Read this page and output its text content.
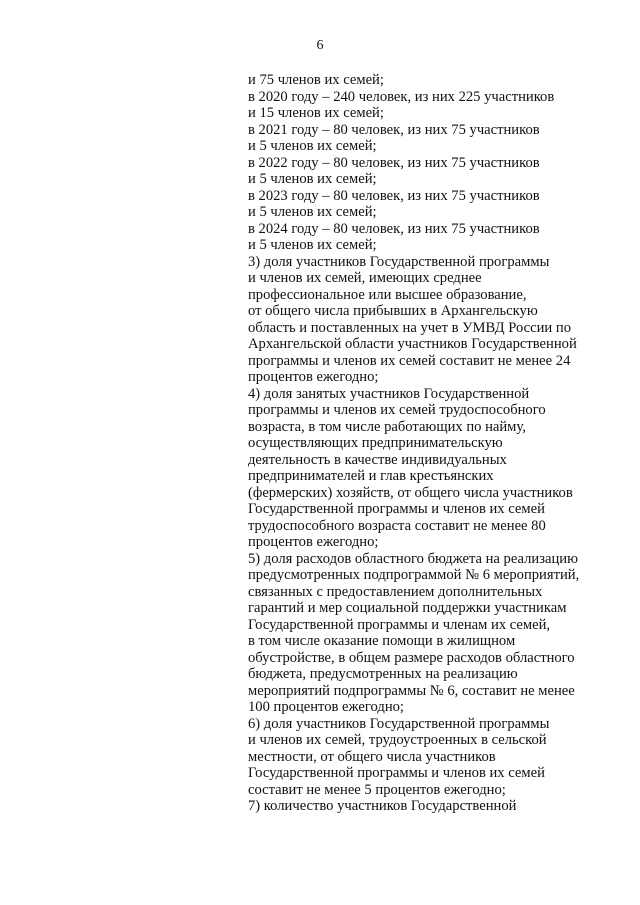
6
и 75 членов их семей;
в 2020 году – 240 человек, из них 225 участников
и 15 членов их семей;
в 2021 году – 80 человек, из них 75 участников
и 5 членов их семей;
в 2022 году – 80 человек, из них 75 участников
и 5 членов их семей;
в 2023 году – 80 человек, из них 75 участников
и 5 членов их семей;
в 2024 году – 80 человек, из них 75 участников
и 5 членов их семей;
3) доля участников Государственной программы
и членов их семей, имеющих среднее
профессиональное или высшее образование,
от общего числа прибывших в Архангельскую
область и поставленных на учет в УМВД России по
Архангельской области участников Государственной
программы и членов их семей составит не менее 24
процентов ежегодно;
4) доля занятых участников Государственной
программы и членов их семей трудоспособного
возраста, в том числе работающих по найму,
осуществляющих предпринимательскую
деятельность в качестве индивидуальных
предпринимателей и глав крестьянских
(фермерских) хозяйств, от общего числа участников
Государственной программы и членов их семей
трудоспособного возраста составит не менее 80
процентов ежегодно;
5) доля расходов областного бюджета на реализацию
предусмотренных подпрограммой № 6 мероприятий,
связанных с предоставлением дополнительных
гарантий и мер социальной поддержки участникам
Государственной программы и членам их семей,
в том числе оказание помощи в жилищном
обустройстве, в общем размере расходов областного
бюджета, предусмотренных на реализацию
мероприятий подпрограммы № 6, составит не менее
100 процентов ежегодно;
6) доля участников Государственной программы
и членов их семей, трудоустроенных в сельской
местности, от общего числа участников
Государственной программы и членов их семей
составит не менее 5 процентов ежегодно;
7) количество участников Государственной
